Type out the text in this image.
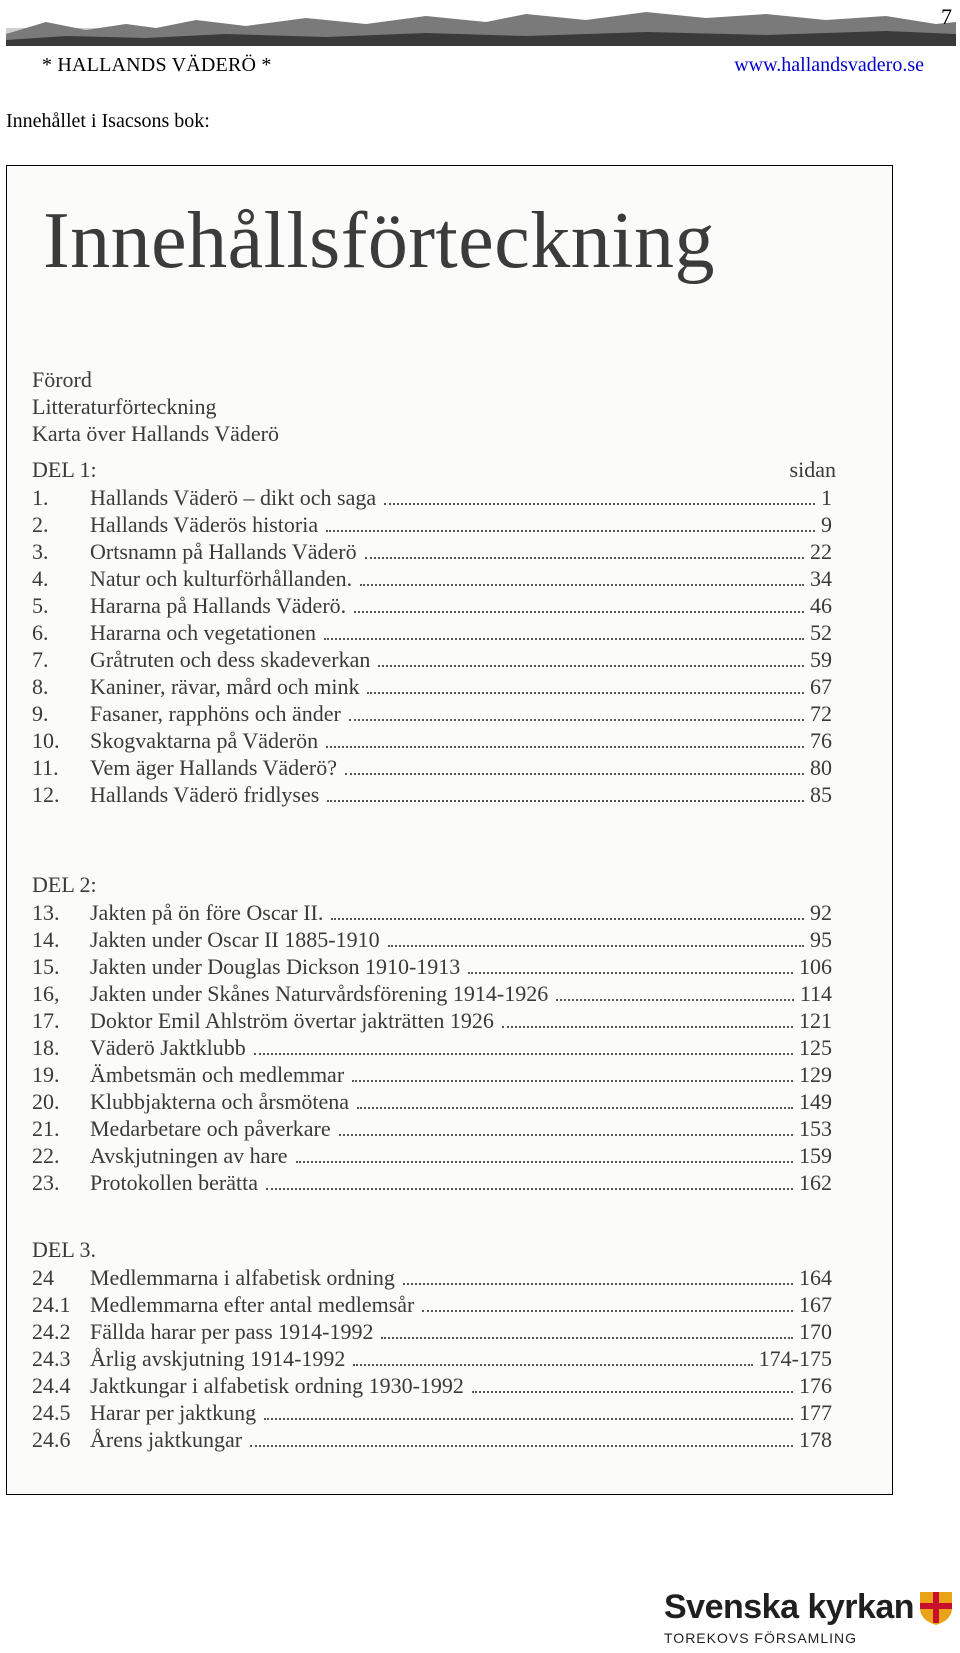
7
* HALLANDS VÄDERÖ *	www.hallandsvadero.se
Innehållet i Isacsons bok:
Innehållsförteckning
Förord
Litteraturförteckning
Karta över Hallands Väderö
DEL 1:	sidan
1.	Hallands Väderö – dikt och saga	1
2.	Hallands Väderös historia	9
3.	Ortsnamn på Hallands Väderö	22
4.	Natur och kulturförhållanden.	34
5.	Hararna på Hallands Väderö.	46
6.	Hararna och vegetationen	52
7.	Gråtruten och dess skadeverkan	59
8.	Kaniner, rävar, mård och mink	67
9.	Fasaner, rapphöns och änder	72
10.	Skogvaktarna på Väderön	76
11.	Vem äger Hallands Väderö?	80
12.	Hallands Väderö fridlyses	85
DEL 2:
13.	Jakten på ön före Oscar II.	92
14.	Jakten under Oscar II 1885-1910	95
15.	Jakten under Douglas Dickson 1910-1913	106
16,	Jakten under Skånes Naturvårdsförening 1914-1926	114
17.	Doktor Emil Ahlström övertar jakträtten 1926	121
18.	Väderö Jaktklubb	125
19.	Ämbetsmän och medlemmar	129
20.	Klubbjakterna och årsmötena	149
21.	Medarbetare och påverkare	153
22.	Avskjutningen av hare	159
23.	Protokollen berätta	162
DEL 3.
24	Medlemmarna i alfabetisk ordning	164
24.1 Medlemmarna efter antal medlemsår	167
24.2 Fällda harar per pass 1914-1992	170
24.3 Årlig avskjutning 1914-1992	174-175
24.4 Jaktkungar i alfabetisk ordning 1930-1992	176
24.5 Harar per jaktkung	177
24.6 Årens jaktkungar	178
Svenska kyrkan
TOREKOVS FÖRSAMLING
